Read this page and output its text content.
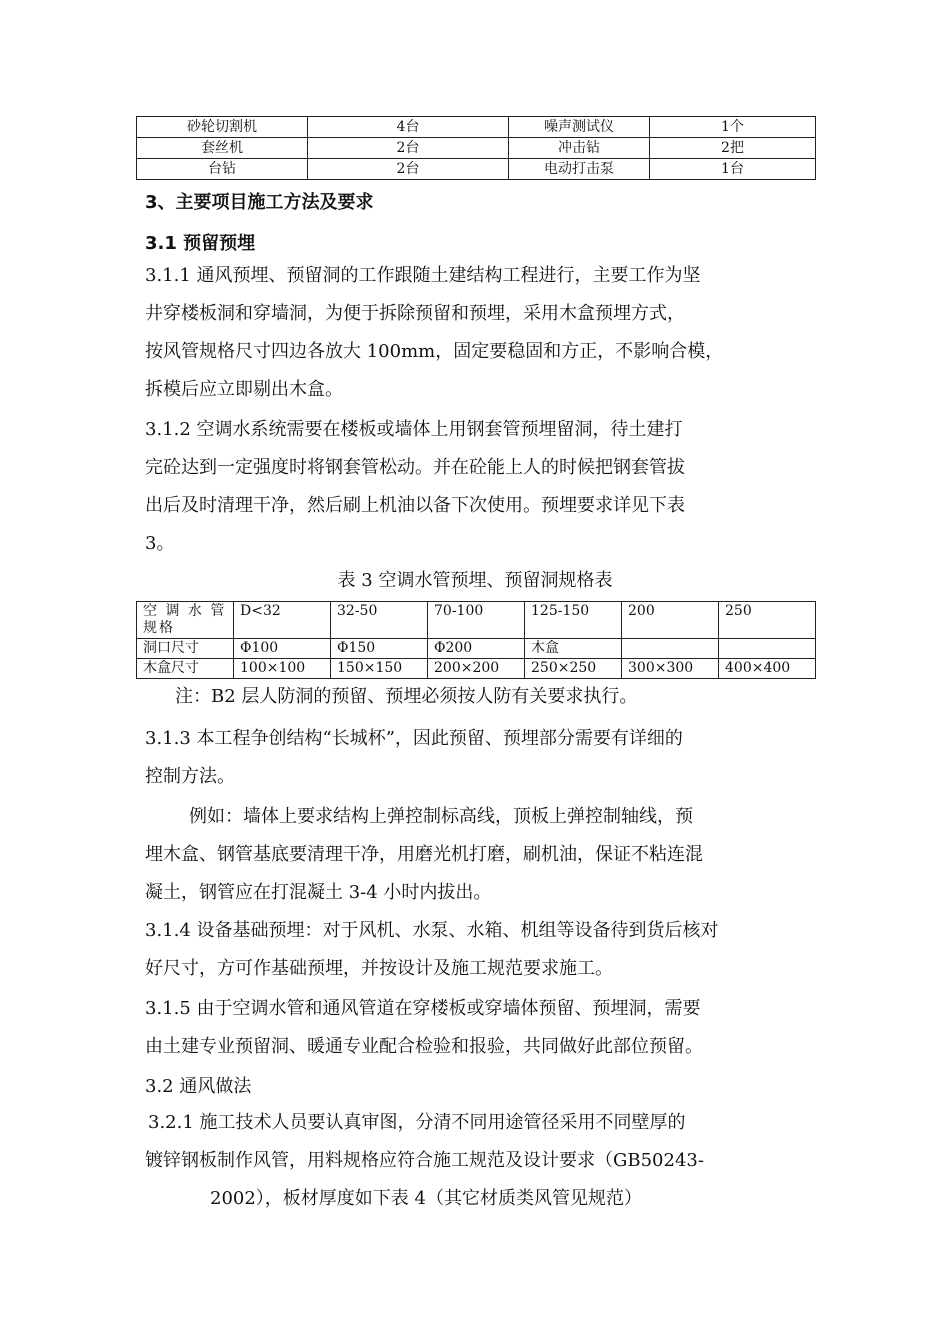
砂轮切割机	4台	噪声测试仪	1个
套丝机	2台	冲击钻	2把
台钻	2台	电动打击泵	1台
3、主要项目施工方法及要求
3.1 预留预埋
3.1.1 通风预埋、预留洞的工作跟随土建结构工程进行，主要工作为坚
井穿楼板洞和穿墙洞，为便于拆除预留和预埋，采用木盒预埋方式，
按风管规格尺寸四边各放大 100mm，固定要稳固和方正，不影响合模，
拆模后应立即剔出木盒。
3.1.2 空调水系统需要在楼板或墙体上用钢套管预埋留洞，待土建打
完砼达到一定强度时将钢套管松动。并在砼能上人的时候把钢套管拔
出后及时清理干净，然后刷上机油以备下次使用。预埋要求详见下表
3。
表 3 空调水管预埋、预留洞规格表
空 调 水 管 规格	D<32	32-50	70-100	125-150	200	250
洞口尺寸	Φ100	Φ150	Φ200	木盒		
木盒尺寸	100×100	150×150	200×200	250×250	300×300	400×400
注：B2 层人防洞的预留、预埋必须按人防有关要求执行。
3.1.3 本工程争创结构“长城杯”，因此预留、预埋部分需要有详细的
控制方法。
例如：墙体上要求结构上弹控制标高线，顶板上弹控制轴线，预
埋木盒、钢管基底要清理干净，用磨光机打磨，刷机油，保证不粘连混
凝土，钢管应在打混凝土 3-4 小时内拔出。
3.1.4 设备基础预埋：对于风机、水泵、水箱、机组等设备待到货后核对
好尺寸，方可作基础预埋，并按设计及施工规范要求施工。
3.1.5 由于空调水管和通风管道在穿楼板或穿墙体预留、预埋洞，需要
由土建专业预留洞、暖通专业配合检验和报验，共同做好此部位预留。
3.2 通风做法
3.2.1 施工技术人员要认真审图，分清不同用途管径采用不同壁厚的
镀锌钢板制作风管，用料规格应符合施工规范及设计要求（GB50243-
2002），板材厚度如下表 4（其它材质类风管见规范）
